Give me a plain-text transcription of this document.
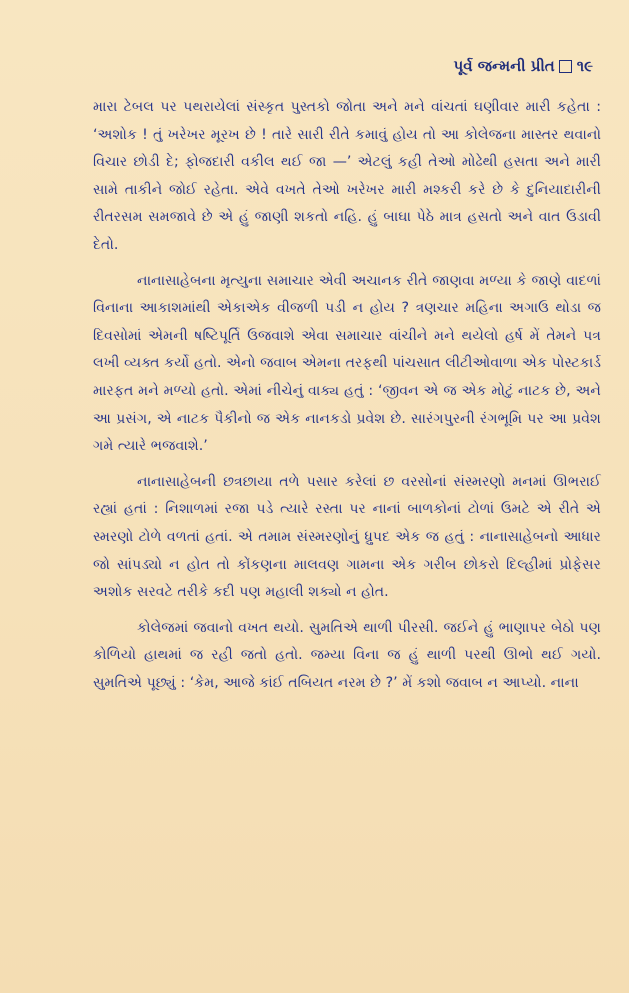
પૂર્વ જન્મની પ્રીત ૧૯

મારા ટેબલ પર પથરાયેલાં સંસ્કૃત પુસ્તકો જોતા અને મને વાંચતાં ઘણીવાર મારી કહેતા : ‘અશોક ! તું ખરેખર મૂરખ છે ! તારે સારી રીતે કમાવું હોય તો આ કોલેજના માસ્તર થવાનો વિચાર છોડી દે; ફોજદારી વકીલ થઈ જા —’ એટલું કહી તેઓ મોઢેથી હસતા અને મારી સામે તાકીને જોઈ રહેતા. એવે વખતે તેઓ ખરેખર મારી મશ્કરી કરે છે કે દુનિયાદારીની રીતરસમ સમજાવે છે એ હું જાણી શકતો નહિ. હું બાઘા પેઠે માત્ર હસતો અને વાત ઉડાવી દેતો.

નાનાસાહેબના મૃત્યુના સમાચાર એવી અચાનક રીતે જાણવા મળ્યા કે જાણે વાદળાં વિનાના આકાશમાંથી એકાએક વીજળી પડી ન હોય ? ત્રણચાર મહિના અગાઉ થોડા જ દિવસોમાં એમની ષષ્ટિપૂર્તિ ઉજવાશે એવા સમાચાર વાંચીને મને થયેલો હર્ષ મેં તેમને પત્ર લખી વ્યક્ત કર્યો હતો. એનો જવાબ એમના તરફથી પાંચસાત લીટીઓવાળા એક પોસ્ટકાર્ડ મારફત મને મળ્યો હતો. એમાં નીચેનું વાક્ય હતું : ‘જીવન એ જ એક મોટું નાટક છે, અને આ પ્રસંગ, એ નાટક પૈકીનો જ એક નાનકડો પ્રવેશ છે. સારંગપુરની રંગભૂમિ પર આ પ્રવેશ ગમે ત્યારે ભજવાશે.’

નાનાસાહેબની છત્રછાયા તળે પસાર કરેલાં છ વરસોનાં સંસ્મરણો મનમાં ઊભરાઈ રહ્યાં હતાં : નિશાળમાં રજા પડે ત્યારે રસ્તા પર નાનાં બાળકોનાં ટોળાં ઉમટે એ રીતે એ સ્મરણો ટોળે વળતાં હતાં. એ તમામ સંસ્મરણોનું ધ્રુપદ એક જ હતું : નાનાસાહેબનો આધાર જો સાંપડ્યો ન હોત તો કોંકણના માલવણ ગામના એક ગરીબ છોકરો દિલ્હીમાં પ્રોફેસર અશોક સરવટે તરીકે કદી પણ મહાલી શક્યો ન હોત.

કોલેજમાં જવાનો વખત થયો. સુમતિએ થાળી પીરસી. જઈને હું ભાણાપર બેઠો પણ કોળિયો હાથમાં જ રહી જતો હતો. જમ્યા વિના જ હું થાળી પરથી ઊભો થઈ ગયો. સુમતિએ પૂછ્યું : ‘કેમ, આજે કાંઈ તબિયત નરમ છે ?’ મેં કશો જવાબ ન આપ્યો. નાના
